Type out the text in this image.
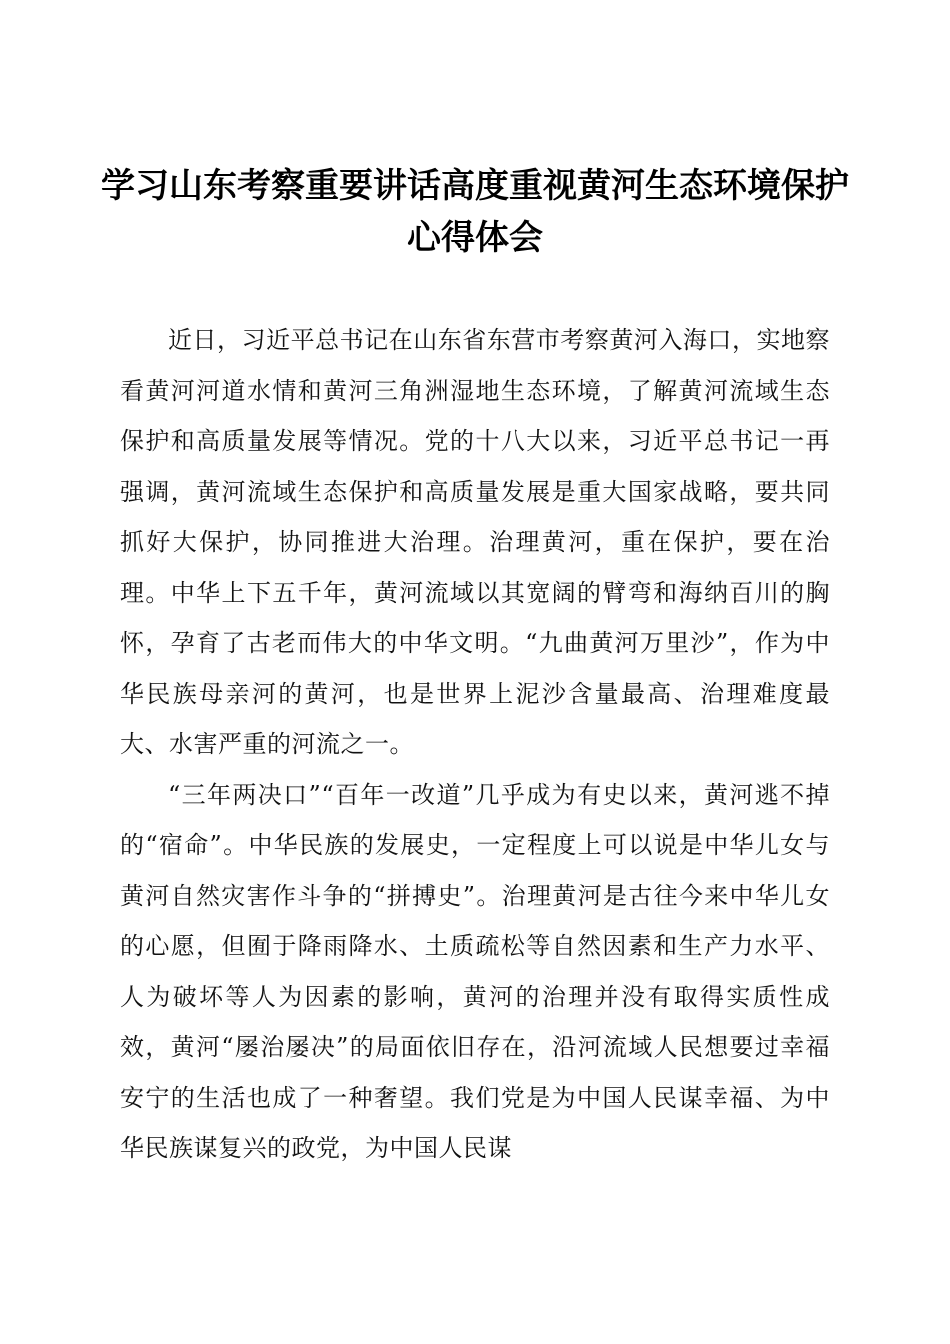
学习山东考察重要讲话高度重视黄河生态环境保护心得体会

近日，习近平总书记在山东省东营市考察黄河入海口，实地察看黄河河道水情和黄河三角洲湿地生态环境，了解黄河流域生态保护和高质量发展等情况。党的十八大以来，习近平总书记一再强调，黄河流域生态保护和高质量发展是重大国家战略，要共同抓好大保护，协同推进大治理。治理黄河，重在保护，要在治理。中华上下五千年，黄河流域以其宽阔的臂弯和海纳百川的胸怀，孕育了古老而伟大的中华文明。“九曲黄河万里沙”，作为中华民族母亲河的黄河，也是世界上泥沙含量最高、治理难度最大、水害严重的河流之一。

“三年两决口”“百年一改道”几乎成为有史以来，黄河逃不掉的“宿命”。中华民族的发展史，一定程度上可以说是中华儿女与黄河自然灾害作斗争的“拼搏史”。治理黄河是古往今来中华儿女的心愿，但囿于降雨降水、土质疏松等自然因素和生产力水平、人为破坏等人为因素的影响，黄河的治理并没有取得实质性成效，黄河“屡治屡决”的局面依旧存在，沿河流域人民想要过幸福安宁的生活也成了一种奢望。我们党是为中国人民谋幸福、为中华民族谋复兴的政党，为中国人民谋
